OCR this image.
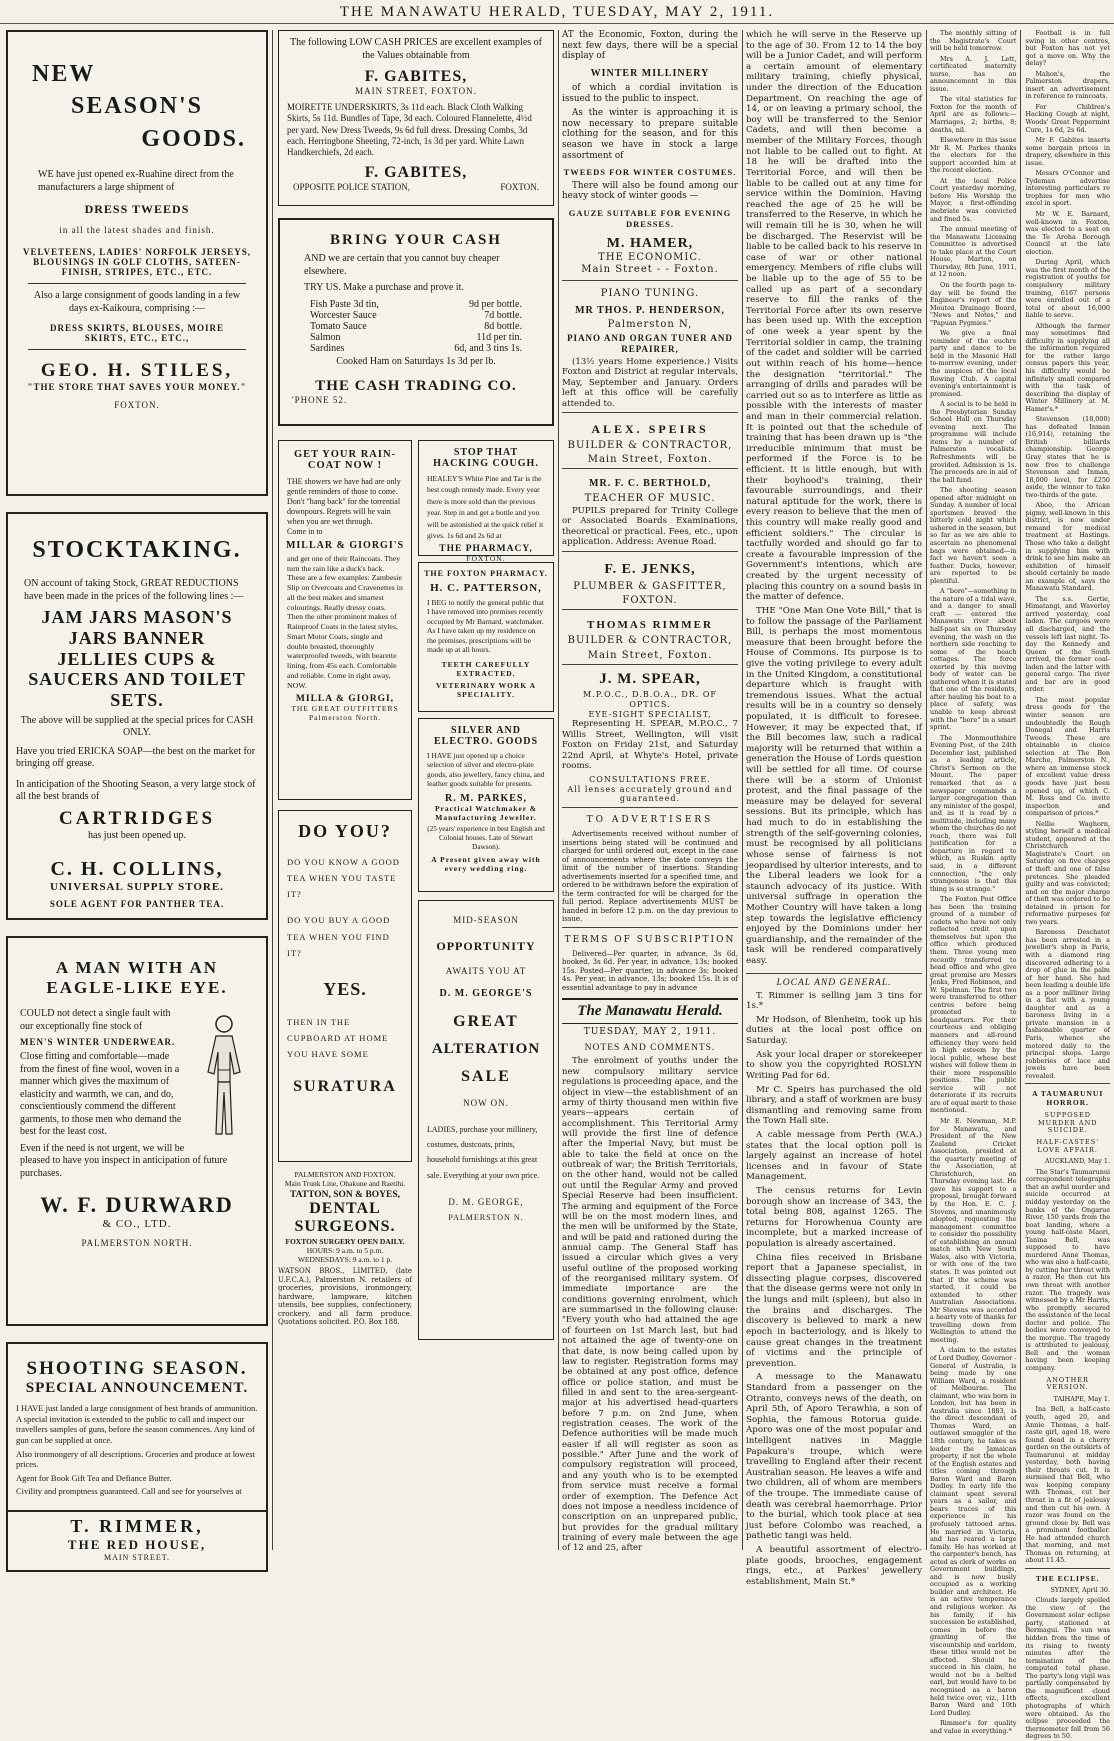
THE MANAWATU HERALD, TUESDAY, MAY 2, 1911.
NEW
SEASON'S
GOODS.
WE have just opened ex-Ruahine direct from the manufacturers a large shipment of
DRESS TWEEDS
in all the latest shades and finish.
VELVETEENS, LADIES' NORFOLK JERSEYS, BLOUSINGS IN GOLF CLOTHS, SATEEN-FINISH, STRIPES, ETC., ETC.
Also a large consignment of goods landing in a few days ex-Kaikoura, comprising :—
DRESS SKIRTS, BLOUSES, MOIRE SKIRTS, ETC., ETC.,
GEO. H. STILES,
"THE STORE THAT SAVES YOUR MONEY."
FOXTON.
STOCKTAKING.
ON account of taking Stock, GREAT REDUCTIONS have been made in the prices of the following lines :—
JAM JARS MASON'S JARS BANNER JELLIES CUPS & SAUCERS AND TOILET SETS.
The above will be supplied at the special prices for CASH ONLY.
Have you tried ERICKA SOAP—the best on the market for bringing off grease.
In anticipation of the Shooting Season, a very large stock of all the best brands of
CARTRIDGES
has just been opened up.
C. H. COLLINS,
UNIVERSAL SUPPLY STORE.
SOLE AGENT FOR PANTHER TEA.
A MAN WITH AN
EAGLE-LIKE EYE.
COULD not detect a single fault with our exceptionally fine stock of
MEN'S WINTER UNDERWEAR.
Close fitting and comfortable—made from the finest of fine wool, woven in a manner which gives the maximum of elasticity and warmth, we can, and do, conscientiously commend the different garments, to those men who demand the best for the least cost.
Even if the need is not urgent, we will be pleased to have you inspect in anticipation of future purchases.
W. F. DURWARD
& CO., LTD.
PALMERSTON NORTH.
SHOOTING SEASON.
SPECIAL ANNOUNCEMENT.
I HAVE just landed a large consignment of best brands of ammunition. A special invitation is extended to the public to call and inspect our travellers samples of guns, before the season commences. Any kind of gun can be supplied at once.
Also ironmongery of all descriptions. Groceries and produce at lowest prices.
Agent for Book Gift Tea and Defiance Butter.
Civility and promptness guaranteed. Call and see for yourselves at
T. RIMMER,
THE RED HOUSE,
MAIN STREET.
The following LOW CASH PRICES are excellent examples of the Values obtainable from
F. GABITES,
MAIN STREET, FOXTON.
MOIRETTE UNDERSKIRTS, 3s 11d each. Black Cloth Walking Skirts, 5s 11d. Bundles of Tape, 3d each. Coloured Flannelette, 4½d per yard. New Dress Tweeds, 9s 6d full dress. Dressing Combs, 3d each. Herringbone Sheeting, 72-inch, 1s 3d per yard. White Lawn Handkerchiefs, 2d each.
F. GABITES,
OPPOSITE POLICE STATION,	FOXTON.
BRING YOUR CASH
AND we are certain that you cannot buy cheaper elsewhere.
TRY US. Make a purchase and prove it.
Fish Paste 3d tin,	9d per bottle.
Worcester Sauce	7d bottle.
Tomato Sauce	8d bottle.
Salmon	11d per tin.
Sardines	6d, and 3 tins 1s.
Cooked Ham on Saturdays 1s 3d per lb.
THE CASH TRADING CO.
'PHONE 52.
GET YOUR RAIN-COAT NOW !
THE showers we have had are only gentle reminders of those to come. Don't "hang back" for the torrential downpours. Regrets will be vain when you are wet through.
Come in to
MILLAR & GIORGI'S
and get one of their Raincoats. They turn the rain like a duck's back. These are a few examples: Zambesie Slip on Overcoats and Cravenettes in all the best makes and smartest colourings. Really dressy coats. Then the other prominent makes of Rainproof Coats in the latest styles, Smart Motor Coats, single and double breasted, thoroughly waterproofed tweeds, with bearette lining, from 45s each. Comfortable and reliable. Come in right away, NOW.
MILLA & GIORGI,
THE GREAT OUTFITTERS
Palmerston North.
DO YOU?
DO YOU KNOW A GOOD TEA WHEN YOU TASTE IT?
DO YOU BUY A GOOD TEA WHEN YOU FIND IT?
YES.
THEN IN THE CUPBOARD AT HOME YOU HAVE SOME
SURATURA
PALMERSTON AND FOXTON.
Main Trunk Line, Ohakune and Raetihi.
TATTON, SON & BOYES,
DENTAL SURGEONS.
FOXTON SURGERY OPEN DAILY.
HOURS: 9 a.m. to 5 p.m.
WEDNESDAYS: 9 a.m. to 1 p.
WATSON BROS., LIMITED, (late U.F.C.A.), Palmerston N. retailers of groceries, provisions, ironmongery, hardware, lampware, kitchen utensils, bee supplies, confectionery, crockery, and all farm produce. Quotations solicited. P.O. Box 188.
STOP THAT HACKING COUGH.
HEALEY'S White Pine and Tar is the best cough remedy made. Every year there is more sold than the previous year. Step in and get a bottle and you will be astonished at the quick relief it gives. 1s 6d and 2s 6d at
THE PHARMACY,
FOXTON.
THE FOXTON PHARMACY.
H. C. PATTERSON,
I BEG to notify the general public that I have removed into premises recently occupied by Mr Barnard, watchmaker. As I have taken up my residence on the premises, prescriptions will be made up at all hours.
TEETH CAREFULLY EXTRACTED.
VETERINARY WORK A SPECIALITY.
SILVER AND ELECTRO. GOODS
I HAVE just opened up a choice selection of silver and electro-plate goods, also jewellery, fancy china, and leather goods suitable for presents.
R. M. PARKES,
Practical Watchmaker & Manufacturing Jeweller.
(25 years' experience in best English and Colonial houses. Late of Stewart Dawson).
A Present given away with every wedding ring.
MID-SEASON
OPPORTUNITY
AWAITS YOU AT
D. M. GEORGE'S
GREAT
ALTERATION
SALE
NOW ON.
LADIES, purchase your millinery, costumes, dustcoats, prints, household furnishings at this great sale. Everything at your own price.
D. M. GEORGE,
PALMERSTON N.

AT the Economic, Foxton, during the next few days, there will be a special display of

WINTER MILLINERY

of which a cordial invitation is issued to the public to inspect.

As the winter is approaching it is now necessary to prepare suitable clothing for the season, and for this season we have in stock a large assortment of

TWEEDS FOR WINTER COSTUMES.

There will also be found among our heavy stock of winter goods —

GAUZE SUITABLE FOR EVENING DRESSES.
M. HAMER,
THE ECONOMIC.
Main Street - - Foxton.
PIANO TUNING.
MR THOS. P. HENDERSON,
Palmerston N,
PIANO AND ORGAN TUNER AND REPAIRER,

(13½ years Home experience.) Visits Foxton and District at regular intervals, May, September and January. Orders left at this office will be carefully attended to.

ALEX. SPEIRS
BUILDER & CONTRACTOR,
Main Street, Foxton.
MR. F. C. BERTHOLD,
TEACHER OF MUSIC.

PUPILS prepared for Trinity College or Associated Boards Examinations, theoretical or practical. Fees, etc., upon application. Address: Avenue Road.

F. E. JENKS,
PLUMBER & GASFITTER,
FOXTON.
THOMAS RIMMER
BUILDER & CONTRACTOR,
Main Street, Foxton.
J. M. SPEAR,
M.P.O.C., D.B.O.A., DR. OF OPTICS.
EYE-SIGHT SPECIALIST,

Representing H. SPEAR, M.P.O.C., 7 Willis Street, Wellington, will visit Foxton on Friday 21st, and Saturday 22nd April, at Whyte's Hotel, private rooms.

CONSULTATIONS FREE.
All lenses accurately ground and guaranteed.
TO ADVERTISERS

Advertisements received without number of insertions being stated will be continued and charged for until ordered out, except in the case of announcements where the date conveys the limit of the number of insertions. Standing advertisements inserted for a specified time, and ordered to be withdrawn before the expiration of the term contracted for will be charged for the full period. Replace advertisements MUST be handed in before 12 p.m. on the day previous to issue.

TERMS OF SUBSCRIPTION

Delivered—Per quarter, in advance, 3s 6d, booked, 3s 6d. Per year, in advance, 13s; booked 15s. Posted—Per quarter, in advance 3s; booked 4s. Per year, in advance, 13s; booked 15s. It is of essential advantage to pay in advance

The Manawatu Herald.
TUESDAY, MAY 2, 1911.
NOTES AND COMMENTS.

The enrolment of youths under the new compulsory military service regulations is proceeding apace, and the object in view—the establishment of an army of thirty thousand men within five years—appears certain of accomplishment. This Territorial Army will provide the first line of defence after the Imperial Navy, but must be able to take the field at once on the outbreak of war; the British Territorials, on the other hand, would not be called out until the Regular Army and proved Special Reserve had been insufficient. The arming and equipment of the Force will be on the most modern lines, and the men will be uniformed by the State, and will be paid and rationed during the annual camp. The General Staff has issued a circular which gives a very useful outline of the proposed working of the reorganised military system. Of immediate importance are the conditions governing enrolment, which are summarised in the following clause: "Every youth who had attained the age of fourteen on 1st March last, but had not attained the age of twenty-one on that date, is now being called upon by law to register. Registration forms may be obtained at any post office, defence office or police station, and must be filled in and sent to the area-sergeant-major at his advertised head-quarters before 7 p.m. on 2nd June, when registration ceases. The work of the Defence authorities will be made much easier if all will register as soon as possible." After June and the work of compulsory registration will proceed, and any youth who is to be exempted from service must receive a formal order of exemption. The Defence Act does not impose a needless incidence of conscription on an unprepared public, but provides for the gradual military training of every male between the age of 12 and 25, after

which he will serve in the Reserve up to the age of 30. From 12 to 14 the boy will be a Junior Cadet, and will perform a certain amount of elementary military training, chiefly physical, under the direction of the Education Department. On reaching the age of 14, or on leaving a primary school, the boy will be transferred to the Senior Cadets, and will then become a member of the Military Forces, though not liable to be called out to fight. At 18 he will be drafted into the Territorial Force, and will then be liable to be called out at any time for service within the Dominion. Having reached the age of 25 he will be transferred to the Reserve, in which he will remain till he is 30, when he will be discharged. The Reservist will be liable to be called back to his reserve in case of war or other national emergency. Members of rifle clubs will be liable up to the age of 55 to be called up as part of a secondary reserve to fill the ranks of the Territorial Force after its own reserve has been used up. With the exception of one week a year spent by the Territorial soldier in camp, the training of the cadet and soldier will be carried out within reach of his home—hence the designation "territorial." The arranging of drills and parades will be carried out so as to interfere as little as possible with the interests of master and man in their commercial relation. It is pointed out that the schedule of training that has been drawn up is "the irreducible minimum that must be performed if the Force is to be efficient. It is little enough, but with their boyhood's training, their favourable surroundings, and their natural aptitude for the work, there is every reason to believe that the men of this country will make really good and efficient soldiers." The circular is tactfully worded and should go far to create a favourable impression of the Government's intentions, which are created by the urgent necessity of placing this country on a sound basis in the matter of defence.

THE "One Man One Vote Bill," that is to follow the passage of the Parliament Bill, is perhaps the most momentous measure that been brought before the House of Commons. Its purpose is to give the voting privilege to every adult in the United Kingdom, a constitutional departure which is fraught with tremendous issues. What the actual results will be in a country so densely populated, it is difficult to foresee. However, it may be expected that, if the Bill becomes law, such a radical majority will be returned that within a generation the House of Lords question will be settled for all time. Of course there will be a storm of Unionist protest, and the final passage of the measure may be delayed for several sessions. But its principle, which has had much to do in establishing the strength of the self-governing colonies, must be recognised by all politicians whose sense of fairness is not jeopardised by ulterior interests, and to the Liberal leaders we look for a staunch advocacy of its justice. With universal suffrage in operation the Mother Country will have taken a long step towards the legislative efficiency enjoyed by the Dominions under her guardianship, and the remainder of the task will be rendered comparatively easy.

LOCAL AND GENERAL.

T. Rimmer is selling jam 3 tins for 1s.*

Mr Hodson, of Blenheim, took up his duties at the local post office on Saturday.

Ask your local draper or storekeeper to show you the copyrighted ROSLYN Writing Pad for 6d.

Mr C. Speirs has purchased the old library, and a staff of workmen are busy dismantling and removing same from the Town Hall site.

A cable message from Perth (W.A.) states that the local option poll is largely against an increase of hotel licenses and in favour of State Management.

The census returns for Levin borough show an increase of 343, the total being 808, against 1265. The returns for Horowhenua County are incomplete, but a marked increase of population is already ascertained.

China files received in Brisbane report that a Japanese specialist, in dissecting plague corpses, discovered that the disease germs were not only in the lungs and milt (spleen), but also in the brains and discharges. The discovery is believed to mark a new epoch in bacteriology, and is likely to cause great changes in the treatment of victims and the principle of prevention.

A message to the Manawatu Standard from a passenger on the Otranto, conveys news of the death, on April 5th, of Aporo Terawhia, a son of Sophia, the famous Rotorua guide. Aporo was one of the most popular and intelligent natives in Maggie Papakura's troupe, which were travelling to England after their recent Australian season. He leaves a wife and two children, all of whom are members of the troupe. The immediate cause of death was cerebral haemorrhage. Prior to the burial, which took place at sea just before Colombo was reached, a pathetic tangi was held.

A beautiful assortment of electro-plate goods, brooches, engagement rings, etc., at Parkes' jewellery establishment, Main St.*

The monthly sitting of the Magistrate's Court will be held tomorrow.

Mrs A. J. Lett, certificated maternity nurse, has an announcement in this issue.

The vital statistics for Foxton for the month of April are as follows:—Marriages, 2; births, 8; deaths, nil.

Elsewhere in this issue Mr R. M. Parkes thanks the electors for the support accorded him at the recent election.

At the local Police Court yesterday morning, before His Worship the Mayor, a first-offending inebriate was convicted and fined 5s.

The annual meeting of the Manawatu Licensing Committee is advertised to take place at the Court House, Marton, on Thursday, 8th June, 1911, at 12 noon.

On the fourth page to-day will be found the Engineer's report of the Moutoa Drainage Board, "News and Notes," and "Papuan Pygmies."

We give a final reminder of the euchre party and dance to be held in the Masonic Hall to-morrow evening, under the auspices of the local Rowing Club. A capital evening's entertainment is promised.

A social is to be held in the Presbyterian Sunday School Hall on Thursday evening next. The programme will include items by a number of Palmerston vocalists. Refreshments will be provided. Admission is 1s. The proceeds are in aid of the ball fund.

The shooting season opened after midnight on Sunday. A number of local sportsmen braved the bitterly cold night which ushered in the season, but so far as we are able to ascertain no phenomenal bags were obtained—in fact we haven't seen a feather. Ducks, however, are reported to be plentiful.

A "bore"—something in the nature of a tidal wave, and a danger to small craft — entered the Manawatu river about half-past six on Thursday evening, the wash on the northern side reaching to some of the beach cottages. The force exerted by this moving body of water can be gathered when it is stated that one of the residents, after hauling his boat to a place of safety, was unable to keep abreast with the "bore" in a smart sprint.

The Monmouthshire Evening Post, of the 24th December last, published as a leading article, Christ's Sermon on the Mount. The paper remarked that as a newspaper commands a larger congregation than any minister of the gospel, and as it is read by a multitude, including many whom the churches do not reach, there was full justification for a departure in regard to which, as Ruskin aptly said, in a different connection, "the only strangeness is that this thing is so strange."

The Foxton Post Office has been the training ground of a number of cadets who have not only reflected credit upon themselves but upon the office which produced them. Three young men recently transferred to head office and who give great promise are Messrs Jenks, Fred Robinson, and W. Spelman. The first two were transferred to other centres before being promoted to headquarters. For their courteous and obliging manners and all-round efficiency they were held in high esteem by the local public, whose best wishes will follow them in their more responsible positions. The public service will not deteriorate if its recruits are of equal merit to those mentioned.

Mr E. Newman, M.P. for Manawatu, and President of the New Zealand Cricket Association, presided at the quarterly meeting of the Association, at Christchurch, on Thursday evening last. He gave his support to a proposal, brought forward by the Hon. E. C. J. Stevens, and unanimously adopted, requesting the management committee to consider the possibility of establishing an annual match with New South Wales, also with Victoria, or with one of the two states. It was pointed out that if the scheme was started, it could be extended to other Australian Associations. Mr Stevens was accorded a hearty vote of thanks for travelling down from Wellington to attend the meeting.

A claim to the estates of Lord Dudley, Governor - General of Australia, is being made by one William Ward, a resident of Melbourne. The claimant, who was born in London, but has been in Australia since 1883, is the direct descendant of Thomas Ward, an outlawed smuggler of the 18th century, he takes as leader the Jamaican property, if not the whole of the English estates and titles coming through Baron Ward and Baron Dudley. In early life the claimant spent several years as a sailor, and bears traces of this experience in his profusely tattooed arms. He married in Victoria, and has reared a large family. He has worked at the carpenter's bench, has acted as clerk of works on Government buildings, and is now busily occupied as a working builder and architect. He is an active temperance and religious worker. As his family, if his succession be established, comes in before the granting of the viscountship and earldom, these titles would not be affected. Should he succeed in his claim, he would not be a belted earl, but would have to be recognised as a baron held twice over, viz., 11th Baron Ward and 10th Lord Dudley.

Rimmer's for quality and value in everything.*

Football is in full swing in other centres, but Foxton has not yet got a move on. Why the delay?

Mahon's, the Palmerston drapers, insert an advertisement in reference to raincoats.

For Children's Hacking Cough at night, Woods' Great Peppermint Cure, 1s 6d, 2s 6d.

Mr F. Gabites inserts some bargain prices in drapery, elsewhere in this issue.

Messrs O'Connor and Tydeman advertise interesting particulars re trophies for men who excel in sport.

Mr W. E. Barnard, well-known in Foxton, was elected to a seat on the Te Aroha Borough Council at the late election.

During April, which was the first month of the registration of youths for compulsory military training, 6167 persons were enrolled out of a total of about 16,000 liable to serve.

Although the farmer may sometimes find difficulty in supplying all the information required for the rather large census papers this year, his difficulty would be infinitely small compared with the task of describing the display of Winter Millinery at M. Hamer's.*

Stevenson (18,000) has defeated Inman (16,914), retaining the British billiards championship. George Gray states that he is now free to challenge Stevenson and Inman, 18,000 level, for £250 aside, the winner to take two-thirds of the gate.

Aboo, the African pigmy, well-known in this district, is now under remand for medical treatment at Hastings. Those who take a delight in supplying him with drink to see him make an exhibition of himself should certainly be made an example of, says the Manawatu Standard.

The s.s. Gertie, Himatangi, and Waverley arrived yesterday, coal laden. The cargoes were all discharged, and the vessels left last night. To-day the Kennedy and Queen of the South arrived, the former coal-laden and the latter with general cargo. The river and bar are in good order.

The most popular dress goods for the winter season are undoubtedly the Rough Donegal and Harris Tweeds. These are obtainable in choice selection at The Bon Marche, Palmerston N., where an immense stock of excellent value dress goods have just been opened up, of which C. M. Ross and Co. invite inspection and comparison of prices.*

Nellie Waghorn, styling herself a medical student, appeared at the Christchurch Magistrate's Court on Saturday on five charges of theft and one of false pretences. She pleaded guilty and was convicted; and on the major charge of theft was ordered to be detained in prison for reformative purposes for two years.

Baroness Deschatot has been arrested in a jeweller's shop in Paris, with a diamond ring discovered adhering to a drop of glue in the palm of her hand. She had been leading a double life as a poor milliner living in a flat with a young daughter and as a baroness living in a private mansion in a fashionable quarter of Paris, whence she motored daily to the principal shops. Large robberies of lace and jewels have been revealed.

A TAUMARUNUI HORROR.
SUPPOSED MURDER AND SUICIDE.
HALF-CASTES' LOVE AFFAIR.

AUCKLAND, May 1.

The Star's Taumarunui correspondent telegraphs that an awful murder and suicide occurred at midday yesterday on the banks of the Ongarue River, 150 yards from the boat landing, where a young half-caste Maori, Tanina Bell, was supposed to have murdered Anne Thomas, who was also a half-caste, by cutting her throat with a razor. He then cut his own throat with another razor. The tragedy was witnessed by a Mr Harris, who promptly secured the assistance of the local doctor and police. The bodies were conveyed to the morgue. The tragedy is attributed to jealousy, Bell and the woman having been keeping company.

ANOTHER VERSION.

TAIHAPE, May 1.

Ina Bell, a half-caste youth, aged 20, and Annie Thomas, a half-caste girl, aged 18, were found dead in a cherry garden on the outskirts of Taumarunui at midday yesterday, both having their throats cut. It is surmised that Bell, who was keeping company with Thomas, cut her throat in a fit of jealousy and then cut his own. A razor was found on the ground close by. Bell was a prominent footballer. He had attended church that morning, and met Thomas on returning, at about 11.45.

THE ECLIPSE.

SYDNEY, April 30.

Clouds largely spoiled the view of the Government solar eclipse party, stationed at Bermagui. The sun was hidden from the time of its rising to twenty minutes after the termination of the computed total phase. The party's long vigil was partially compensated by the magnificent cloud effects, excellent photographs of which were obtained. As the eclipse proceeded the thermometer fell from 56 degrees to 50.
